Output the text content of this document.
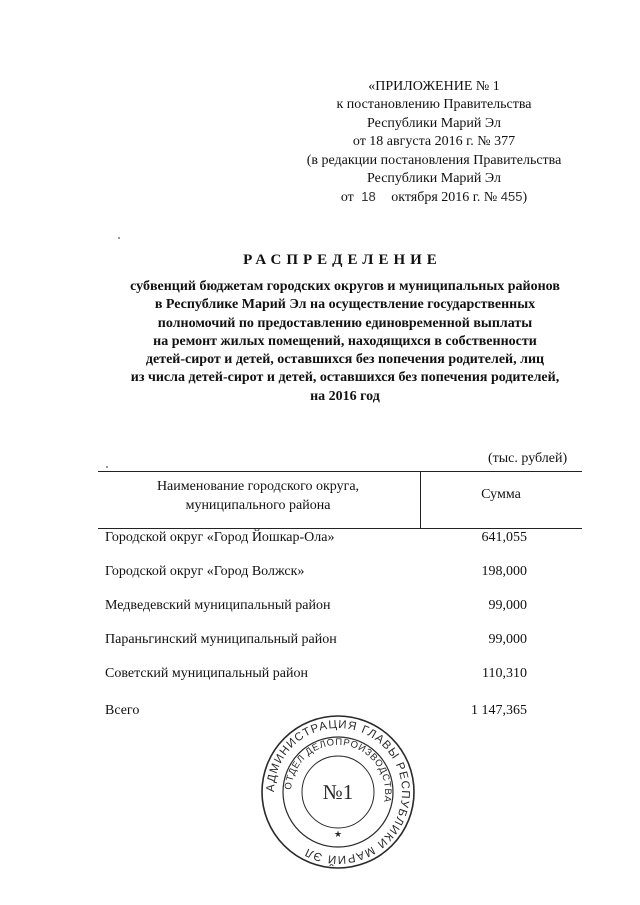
«ПРИЛОЖЕНИЕ № 1
к постановлению Правительства
Республики Марий Эл
от 18 августа 2016 г. № 377
(в редакции постановления Правительства
Республики Марий Эл
от 18 октября 2016 г. № 455)
РАСПРЕДЕЛЕНИЕ
субвенций бюджетам городских округов и муниципальных районов
в Республике Марий Эл на осуществление государственных
полномочий по предоставлению единовременной выплаты
на ремонт жилых помещений, находящихся в собственности
детей-сирот и детей, оставшихся без попечения родителей, лиц
из числа детей-сирот и детей, оставшихся без попечения родителей,
на 2016 год
(тыс. рублей)
Наименование городского округа,
муниципального района
Сумма
Городской округ «Город Йошкар-Ола»	641,055
Городской округ «Город Волжск»	198,000
Медведевский муниципальный район	99,000
Параньгинский муниципальный район	99,000
Советский муниципальный район	110,310
Всего	1 147,365
АДМИНИСТРАЦИЯ ГЛАВЫ РЕСПУБЛИКИ МАРИЙ ЭЛ
ОТДЕЛ ДЕЛОПРОИЗВОДСТВА
№1
★
